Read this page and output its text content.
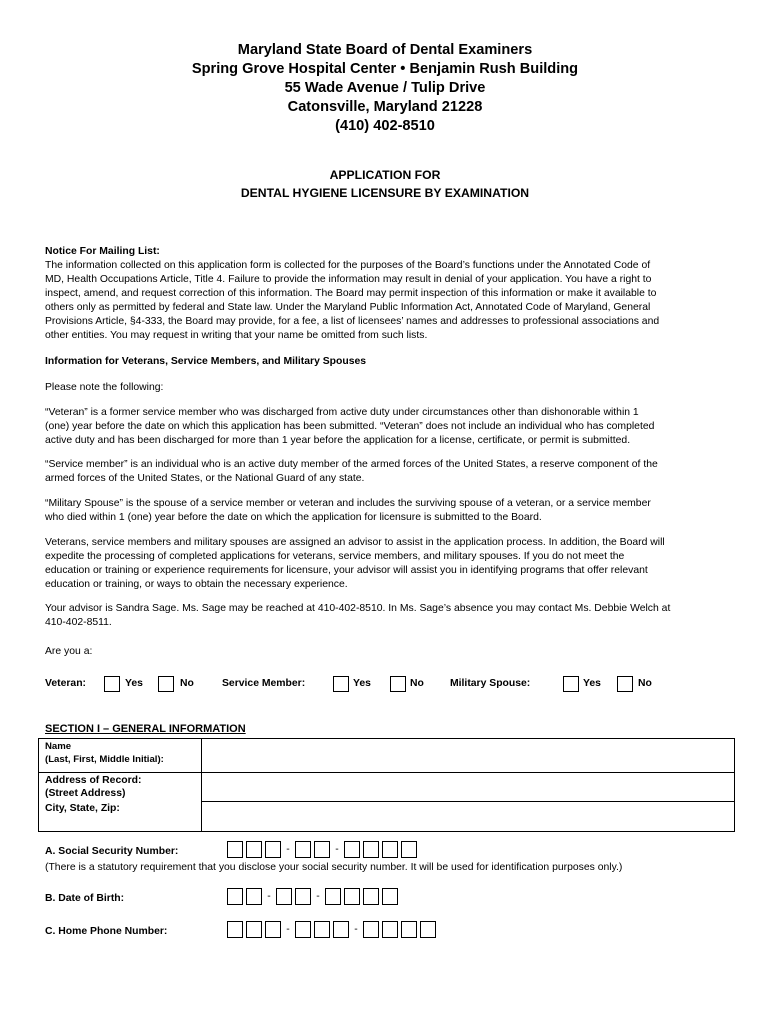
Maryland State Board of Dental Examiners
Spring Grove Hospital Center • Benjamin Rush Building
55 Wade Avenue / Tulip Drive
Catonsville, Maryland 21228
(410) 402-8510
APPLICATION FOR
DENTAL HYGIENE LICENSURE BY EXAMINATION
Notice For Mailing List:
The information collected on this application form is collected for the purposes of the Board’s functions under the Annotated Code of
MD, Health Occupations Article, Title 4. Failure to provide the information may result in denial of your application. You have a right to
inspect, amend, and request correction of this information. The Board may permit inspection of this information or make it available to
others only as permitted by federal and State law. Under the Maryland Public Information Act, Annotated Code of Maryland, General
Provisions Article, §4-333, the Board may provide, for a fee, a list of licensees’ names and addresses to professional associations and
other entities. You may request in writing that your name be omitted from such lists.
Information for Veterans, Service Members, and Military Spouses
Please note the following:
“Veteran” is a former service member who was discharged from active duty under circumstances other than dishonorable within 1
(one) year before the date on which this application has been submitted. “Veteran” does not include an individual who has completed
active duty and has been discharged for more than 1 year before the application for a license, certificate, or permit is submitted.
“Service member” is an individual who is an active duty member of the armed forces of the United States, a reserve component of the
armed forces of the United States, or the National Guard of any state.
“Military Spouse” is the spouse of a service member or veteran and includes the surviving spouse of a veteran, or a service member
who died within 1 (one) year before the date on which the application for licensure is submitted to the Board.
Veterans, service members and military spouses are assigned an advisor to assist in the application process. In addition, the Board will
expedite the processing of completed applications for veterans, service members, and military spouses. If you do not meet the
education or training or experience requirements for licensure, your advisor will assist you in identifying programs that offer relevant
education or training, or ways to obtain the necessary experience.
Your advisor is Sandra Sage. Ms. Sage may be reached at 410-402-8510. In Ms. Sage’s absence you may contact Ms. Debbie Welch at
410-402-8511.
Are you a:
Veteran:	Yes	No	Service Member:	Yes	No	Military Spouse:	Yes	No
SECTION I – GENERAL INFORMATION
Name
(Last, First, Middle Initial):	

Address of Record:
(Street Address)	

City, State, Zip:	

A. Social Security Number:	-	-
(There is a statutory requirement that you disclose your social security number. It will be used for identification purposes only.)
B. Date of Birth:	-	-
C. Home Phone Number:	-	-
